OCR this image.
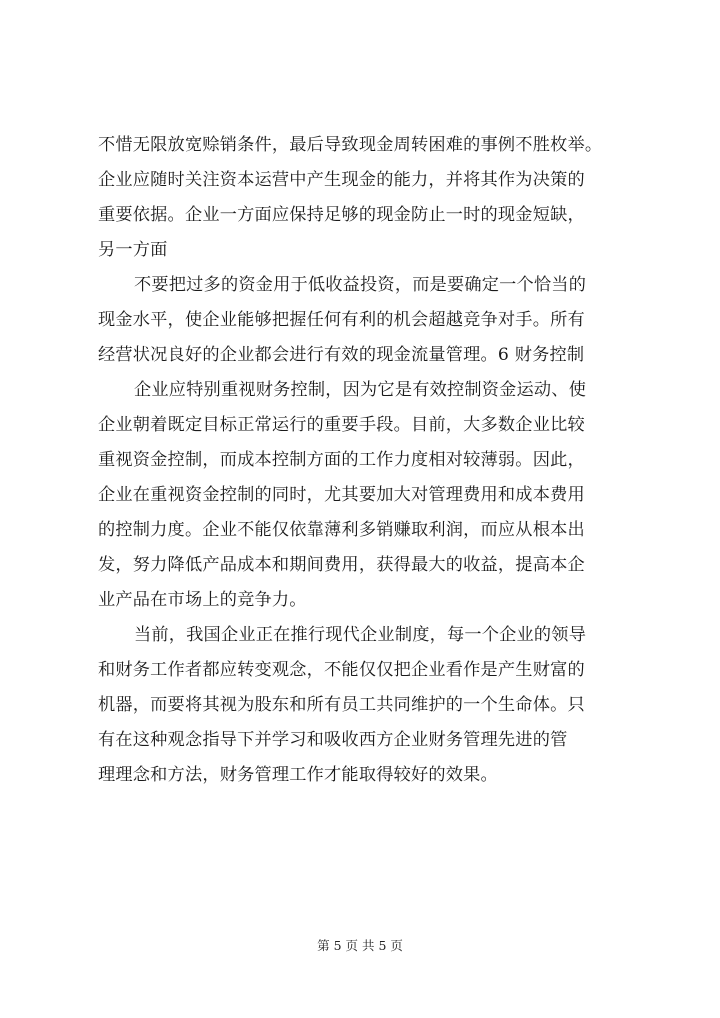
不惜无限放宽赊销条件，最后导致现金周转困难的事例不胜枚举。
企业应随时关注资本运营中产生现金的能力，并将其作为决策的
重要依据。企业一方面应保持足够的现金防止一时的现金短缺，
另一方面
不要把过多的资金用于低收益投资，而是要确定一个恰当的
现金水平，使企业能够把握任何有利的机会超越竞争对手。所有
经营状况良好的企业都会进行有效的现金流量管理。6 财务控制
企业应特别重视财务控制，因为它是有效控制资金运动、使
企业朝着既定目标正常运行的重要手段。目前，大多数企业比较
重视资金控制，而成本控制方面的工作力度相对较薄弱。因此，
企业在重视资金控制的同时，尤其要加大对管理费用和成本费用
的控制力度。企业不能仅依靠薄利多销赚取利润，而应从根本出
发，努力降低产品成本和期间费用，获得最大的收益，提高本企
业产品在市场上的竞争力。
当前，我国企业正在推行现代企业制度，每一个企业的领导
和财务工作者都应转变观念，不能仅仅把企业看作是产生财富的
机器，而要将其视为股东和所有员工共同维护的一个生命体。只
有在这种观念指导下并学习和吸收西方企业财务管理先进的管
理理念和方法，财务管理工作才能取得较好的效果。
第 5 页 共 5 页
